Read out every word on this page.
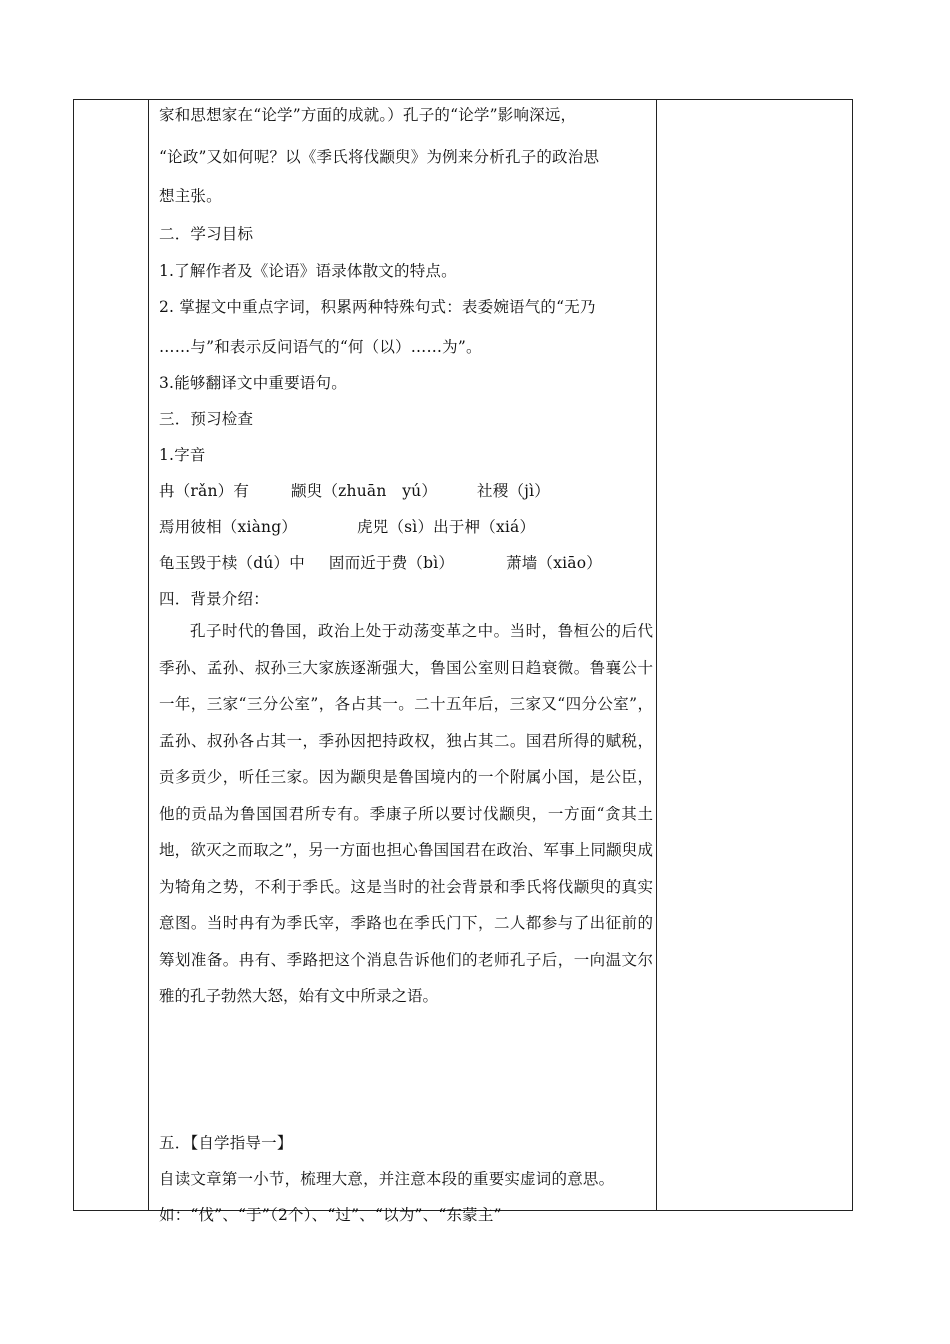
家和思想家在“论学”方面的成就。）孔子的“论学”影响深远，
“论政”又如何呢？以《季氏将伐颛臾》为例来分析孔子的政治思
想主张。
二．学习目标
1.了解作者及《论语》语录体散文的特点。
2. 掌握文中重点字词，积累两种特殊句式：表委婉语气的“无乃
……与”和表示反问语气的“何（以）……为”。
3.能够翻译文中重要语句。
三．预习检查
1.字音
冉（rǎn）有	颛臾（zhuān　yú）	社稷（jì）
焉用彼相（xiàng）	虎兕（sì）出于柙（xiá）
龟玉毁于椟（dú）中 固而近于费（bì）	萧墙（xiāo）
四．背景介绍：
孔子时代的鲁国，政治上处于动荡变革之中。当时，鲁桓公的后代季孙、孟孙、叔孙三大家族逐渐强大，鲁国公室则日趋衰微。鲁襄公十一年，三家“三分公室”，各占其一。二十五年后，三家又“四分公室”，孟孙、叔孙各占其一，季孙因把持政权，独占其二。国君所得的赋税，贡多贡少，听任三家。因为颛臾是鲁国境内的一个附属小国，是公臣，他的贡品为鲁国国君所专有。季康子所以要讨伐颛臾，一方面“贪其土地，欲灭之而取之”，另一方面也担心鲁国国君在政治、军事上同颛臾成为犄角之势，不利于季氏。这是当时的社会背景和季氏将伐颛臾的真实意图。当时冉有为季氏宰，季路也在季氏门下，二人都参与了出征前的筹划准备。冉有、季路把这个消息告诉他们的老师孔子后，一向温文尔雅的孔子勃然大怒，始有文中所录之语。
五．【自学指导一】
自读文章第一小节，梳理大意，并注意本段的重要实虚词的意思。
如：“伐”、“于”（2个）、“过”、“以为”、“东蒙主”
